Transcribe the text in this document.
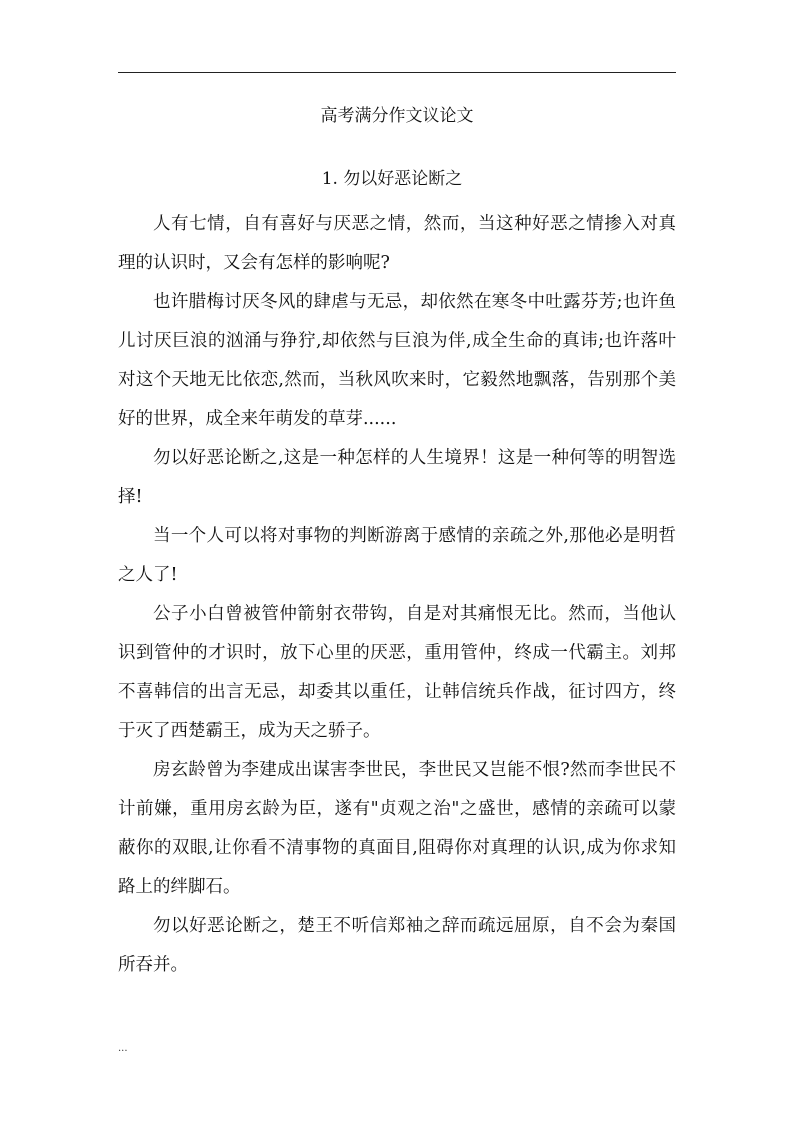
高考满分作文议论文
1. 勿以好恶论断之

人有七情，自有喜好与厌恶之情，然而，当这种好恶之情掺入对真理的认识时，又会有怎样的影响呢?

也许腊梅讨厌冬风的肆虐与无忌，却依然在寒冬中吐露芬芳;也许鱼儿讨厌巨浪的汹涌与狰狞,却依然与巨浪为伴,成全生命的真讳;也许落叶对这个天地无比依恋,然而，当秋风吹来时，它毅然地飘落，告别那个美好的世界，成全来年萌发的草芽......

勿以好恶论断之,这是一种怎样的人生境界！这是一种何等的明智选择!

当一个人可以将对事物的判断游离于感情的亲疏之外,那他必是明哲之人了!

公子小白曾被管仲箭射衣带钩，自是对其痛恨无比。然而，当他认识到管仲的才识时，放下心里的厌恶，重用管仲，终成一代霸主。刘邦不喜韩信的出言无忌，却委其以重任，让韩信统兵作战，征讨四方，终于灭了西楚霸王，成为天之骄子。

房玄龄曾为李建成出谋害李世民，李世民又岂能不恨?然而李世民不计前嫌，重用房玄龄为臣，遂有"贞观之治"之盛世，感情的亲疏可以蒙蔽你的双眼,让你看不清事物的真面目,阻碍你对真理的认识,成为你求知路上的绊脚石。

勿以好恶论断之，楚王不听信郑袖之辞而疏远屈原，自不会为秦国所吞并。

...
